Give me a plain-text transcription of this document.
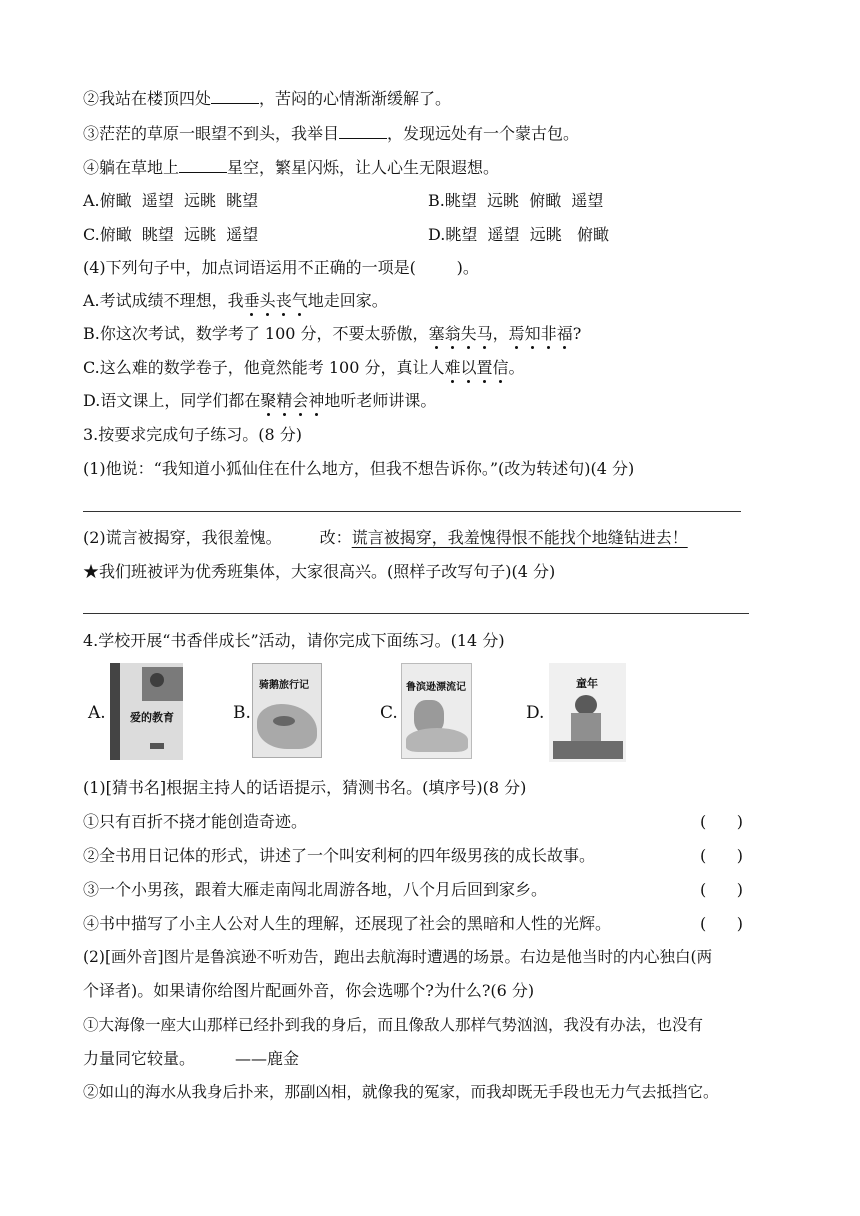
②我站在楼顶四处	，苦闷的心情渐渐缓解了。
③茫茫的草原一眼望不到头，我举目	，发现远处有一个蒙古包。
④躺在草地上	星空，繁星闪烁，让人心生无限遐想。
A.俯瞰  遥望  远眺  眺望	B.眺望  远眺  俯瞰  遥望
C.俯瞰  眺望  远眺  遥望	D.眺望  遥望  远眺   俯瞰
(4)下列句子中，加点词语运用不正确的一项是(        )。
A.考试成绩不理想，我垂头丧气地走回家。
B.你这次考试，数学考了 100 分，不要太骄傲，塞翁失马，焉知非福?
C.这么难的数学卷子，他竟然能考 100 分，真让人难以置信。
D.语文课上，同学们都在聚精会神地听老师讲课。
3.按要求完成句子练习。(8 分)
(1)他说：“我知道小狐仙住在什么地方，但我不想告诉你。”(改为转述句)(4 分)
(2)谎言被揭穿，我很羞愧。 改：谎言被揭穿，我羞愧得恨不能找个地缝钻进去！
★我们班被评为优秀班集体，大家很高兴。(照样子改写句子)(4 分)
4.学校开展“书香伴成长”活动，请你完成下面练习。(14 分)
A. 爱的教育	B.
骑鹅旅行记
C.
鲁滨逊漂流记
D.
童年
(1)[猜书名]根据主持人的话语提示，猜测书名。(填序号)(8 分)
①只有百折不挠才能创造奇迹。	(      )
②全书用日记体的形式，讲述了一个叫安利柯的四年级男孩的成长故事。	(      )
③一个小男孩，跟着大雁走南闯北周游各地，八个月后回到家乡。	(      )
④书中描写了小主人公对人生的理解，还展现了社会的黑暗和人性的光辉。	(      )
(2)[画外音]图片是鲁滨逊不听劝告，跑出去航海时遭遇的场景。右边是他当时的内心独白(两
个译者)。如果请你给图片配画外音，你会选哪个?为什么?(6 分)
①大海像一座大山那样已经扑到我的身后，而且像敌人那样气势汹汹，我没有办法，也没有
力量同它较量。	——鹿金
②如山的海水从我身后扑来，那副凶相，就像我的冤家，而我却既无手段也无力气去抵挡它。
